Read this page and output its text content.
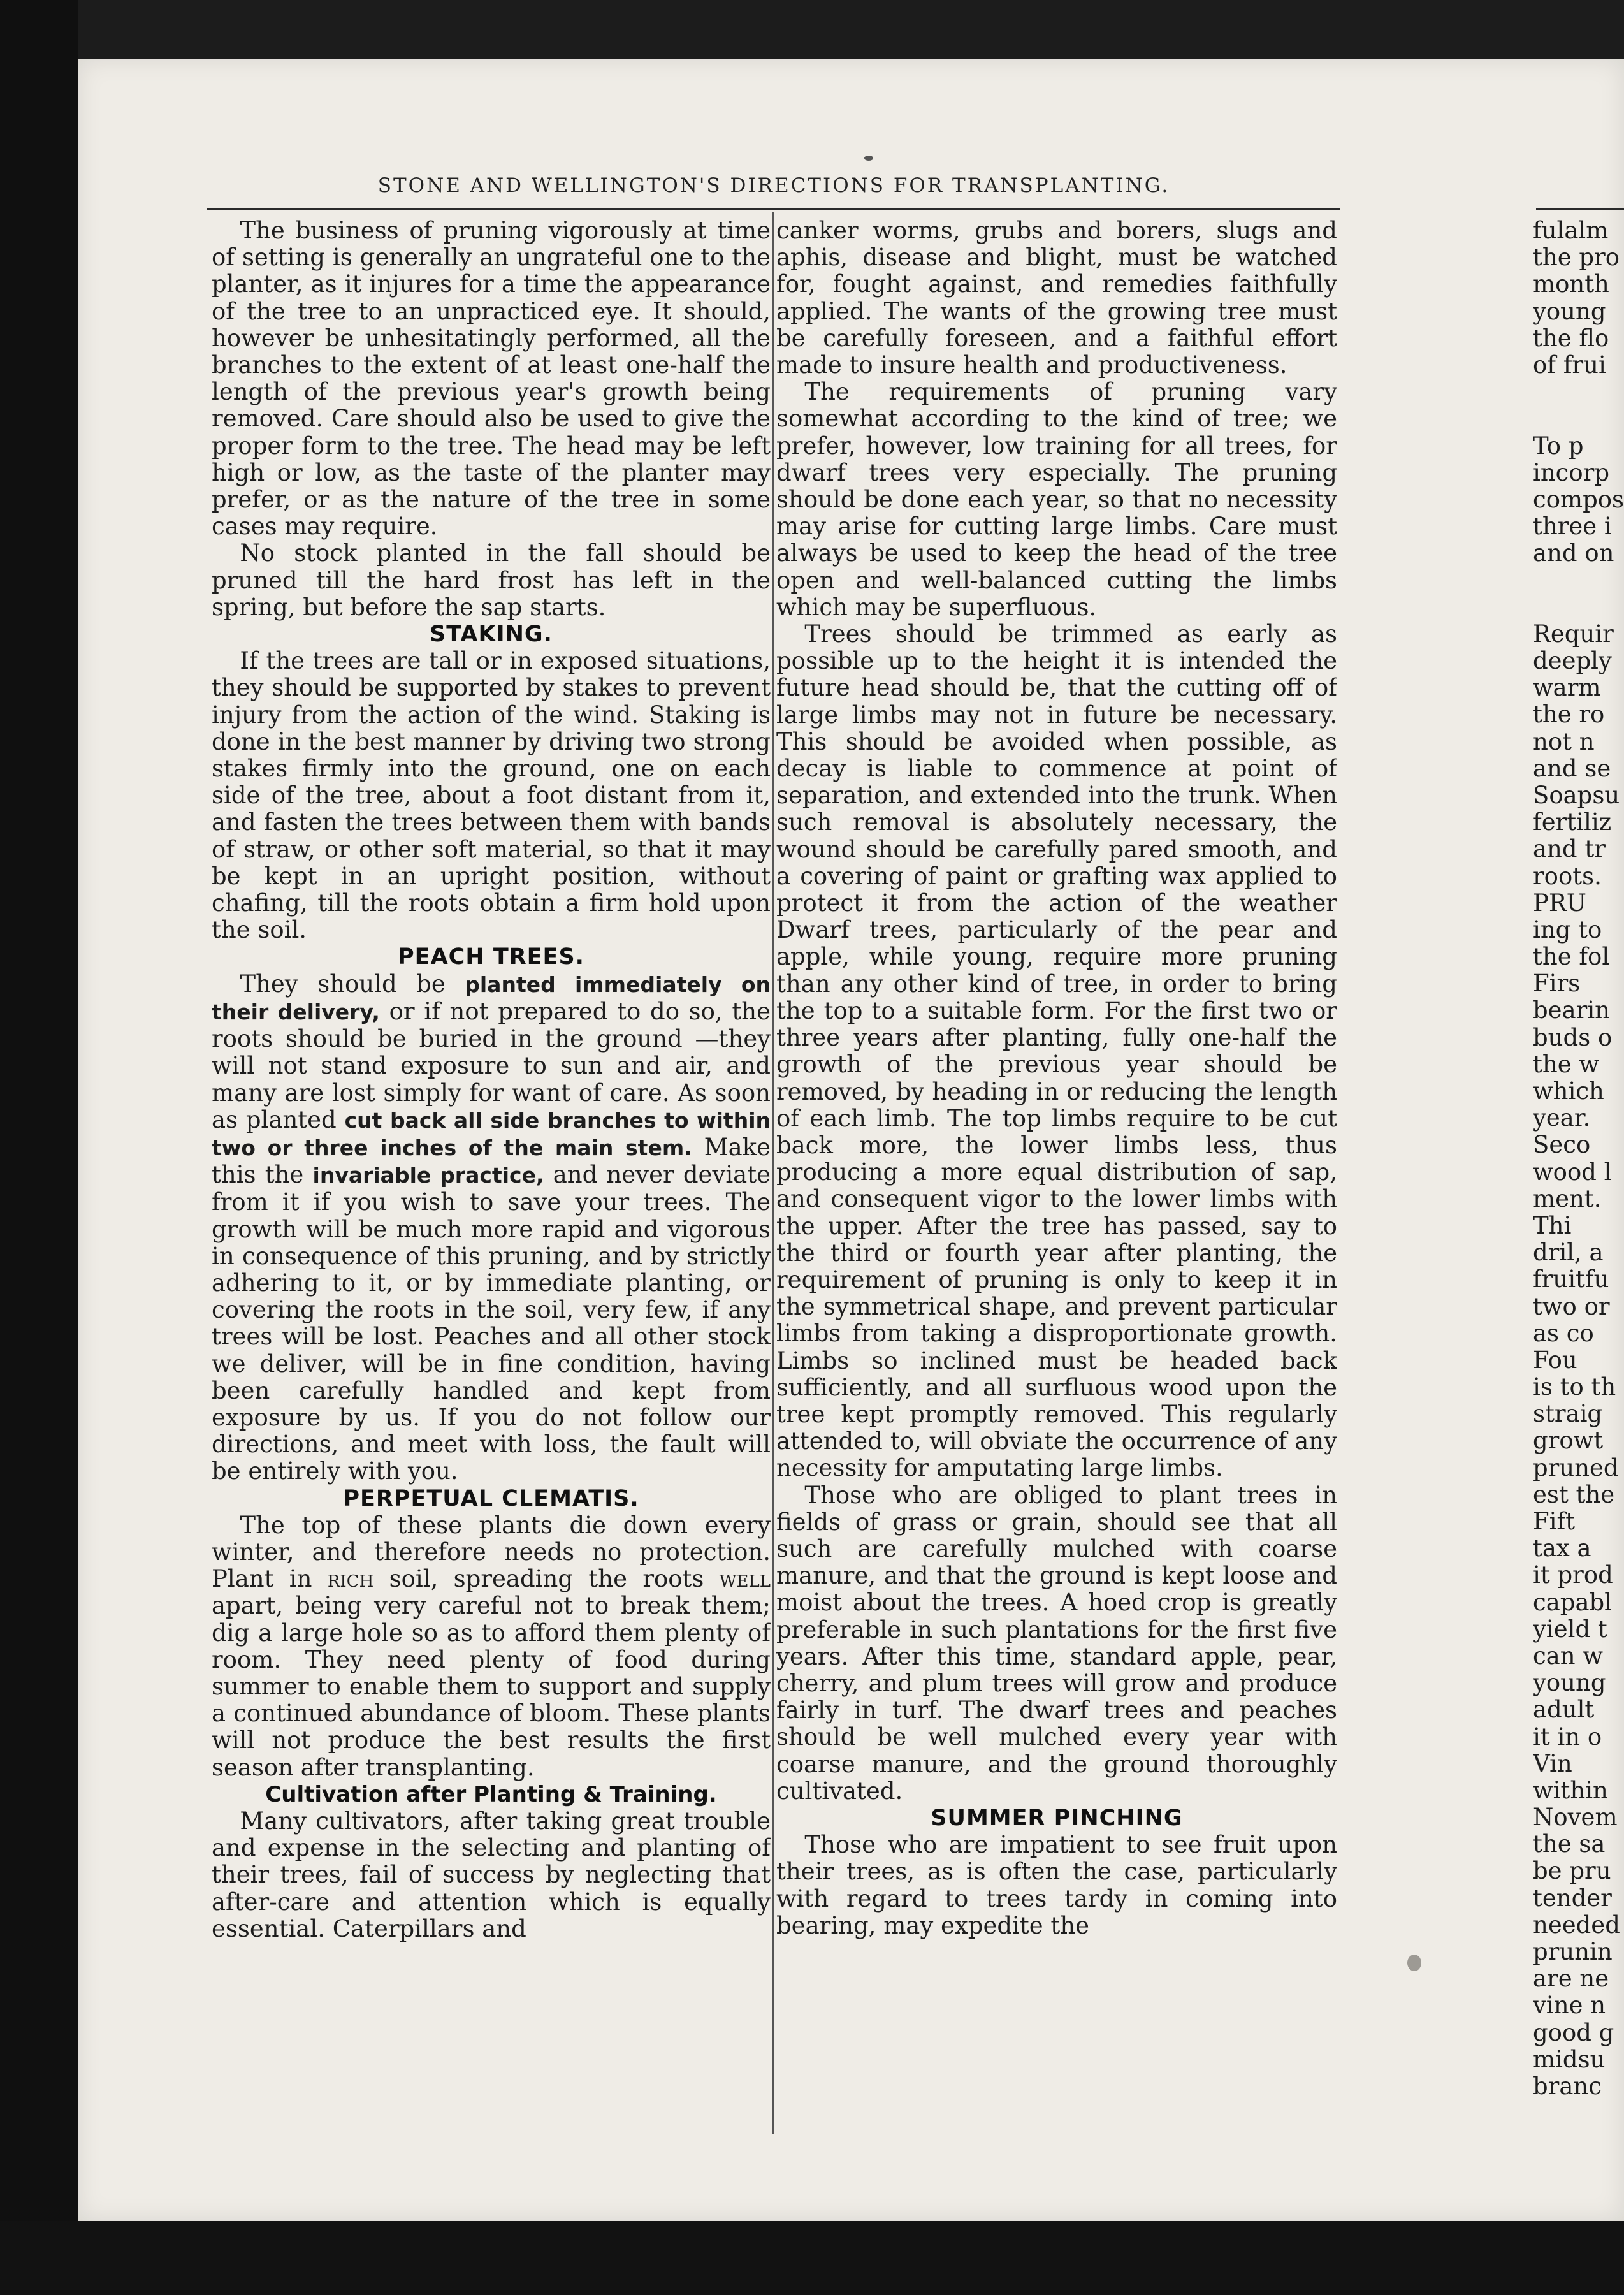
STONE AND WELLINGTON'S DIRECTIONS FOR TRANSPLANTING.

The business of pruning vigorously at time of setting is generally an ungrateful one to the planter, as it injures for a time the appearance of the tree to an unpracticed eye. It should, however be unhesitatingly performed, all the branches to the extent of at least one-half the length of the previous year's growth being removed. Care should also be used to give the proper form to the tree. The head may be left high or low, as the taste of the planter may prefer, or as the nature of the tree in some cases may require.

No stock planted in the fall should be pruned till the hard frost has left in the spring, but before the sap starts.

STAKING.

If the trees are tall or in exposed situations, they should be supported by stakes to prevent injury from the action of the wind. Staking is done in the best manner by driving two strong stakes firmly into the ground, one on each side of the tree, about a foot distant from it, and fasten the trees between them with bands of straw, or other soft material, so that it may be kept in an upright position, without chafing, till the roots obtain a firm hold upon the soil.

PEACH TREES.

They should be planted immediately on their delivery, or if not prepared to do so, the roots should be buried in the ground —they will not stand exposure to sun and air, and many are lost simply for want of care. As soon as planted cut back all side branches to within two or three inches of the main stem. Make this the invariable practice, and never deviate from it if you wish to save your trees. The growth will be much more rapid and vigorous in consequence of this pruning, and by strictly adhering to it, or by immediate planting, or covering the roots in the soil, very few, if any trees will be lost. Peaches and all other stock we deliver, will be in fine condition, having been carefully handled and kept from exposure by us. If you do not follow our directions, and meet with loss, the fault will be entirely with you.

PERPETUAL CLEMATIS.

The top of these plants die down every winter, and therefore needs no protection. Plant in rich soil, spreading the roots well apart, being very careful not to break them; dig a large hole so as to afford them plenty of room. They need plenty of food during summer to enable them to support and supply a continued abundance of bloom. These plants will not produce the best results the first season after transplanting.

Cultivation after Planting & Training.

Many cultivators, after taking great trouble and expense in the selecting and planting of their trees, fail of success by neglecting that after-care and attention which is equally essential. Caterpillars and

canker worms, grubs and borers, slugs and aphis, disease and blight, must be watched for, fought against, and remedies faithfully applied. The wants of the growing tree must be carefully foreseen, and a faithful effort made to insure health and productiveness.

The requirements of pruning vary somewhat according to the kind of tree; we prefer, however, low training for all trees, for dwarf trees very especially. The pruning should be done each year, so that no necessity may arise for cutting large limbs. Care must always be used to keep the head of the tree open and well-balanced cutting the limbs which may be superfluous.

Trees should be trimmed as early as possible up to the height it is intended the future head should be, that the cutting off of large limbs may not in future be necessary. This should be avoided when possible, as decay is liable to commence at point of separation, and extended into the trunk. When such removal is absolutely necessary, the wound should be carefully pared smooth, and a covering of paint or grafting wax applied to protect it from the action of the weather Dwarf trees, particularly of the pear and apple, while young, require more pruning than any other kind of tree, in order to bring the top to a suitable form. For the first two or three years after planting, fully one-half the growth of the previous year should be removed, by heading in or reducing the length of each limb. The top limbs require to be cut back more, the lower limbs less, thus producing a more equal distribution of sap, and consequent vigor to the lower limbs with the upper. After the tree has passed, say to the third or fourth year after planting, the requirement of pruning is only to keep it in the symmetrical shape, and prevent particular limbs from taking a disproportionate growth. Limbs so inclined must be headed back sufficiently, and all surfluous wood upon the tree kept promptly removed. This regularly attended to, will obviate the occurrence of any necessity for amputating large limbs.

Those who are obliged to plant trees in fields of grass or grain, should see that all such are carefully mulched with coarse manure, and that the ground is kept loose and moist about the trees. A hoed crop is greatly preferable in such plantations for the first five years. After this time, standard apple, pear, cherry, and plum trees will grow and produce fairly in turf. The dwarf trees and peaches should be well mulched every year with coarse manure, and the ground thoroughly cultivated.

SUMMER PINCHING

Those who are impatient to see fruit upon their trees, as is often the case, particularly with regard to trees tardy in coming into bearing, may expedite the

fulalm
the pro
month
young
the flo
of frui
To p
incorp
compos
three i
and on
Requir
deeply
warm
the ro
not n
and se
Soapsu
fertiliz
and tr
roots.
PRU
ing to
the fol
Firs
bearin
buds o
the w
which
year.
Seco
wood l
ment.
Thi
dril, a
fruitfu
two or
as co
Fou
is to th
straig
growt
pruned
est the
Fift
tax a
it prod
capabl
yield t
can w
young
adult
it in o
Vin
within
Novem
the sa
be pru
tender
needed
prunin
are ne
vine n
good g
midsu
branc
